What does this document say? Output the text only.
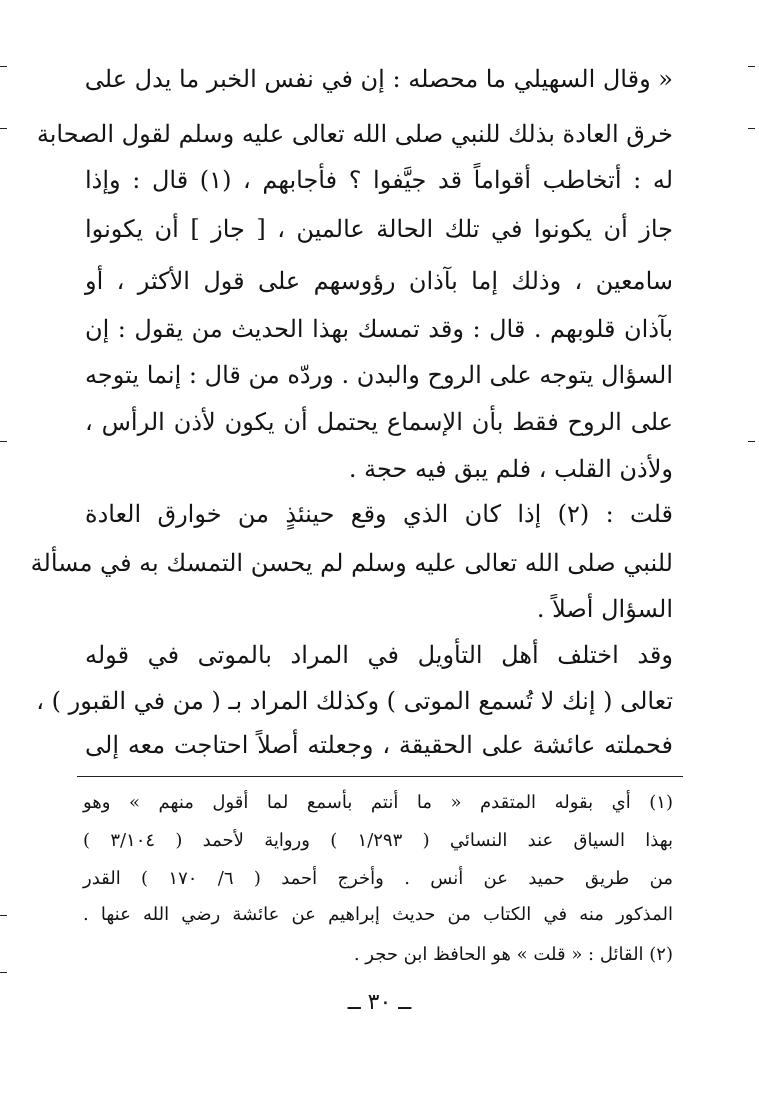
« وقال السهيلي ما محصله : إن في نفس الخبر ما يدل على
خرق العادة بذلك للنبي صلى الله تعالى عليه وسلم لقول الصحابة
له : أتخاطب أقواماً قد جيَّفوا ؟ فأجابهم ، (١) قال : وإذا
جاز أن يكونوا في تلك الحالة عالمين ، [ جاز ] أن يكونوا
سامعين ، وذلك إما بآذان رؤوسهم على قول الأكثر ، أو
بآذان قلوبهم . قال : وقد تمسك بهذا الحديث من يقول : إن
السؤال يتوجه على الروح والبدن . وردّه من قال : إنما يتوجه
على الروح فقط بأن الإسماع يحتمل أن يكون لأذن الرأس ،
ولأذن القلب ، فلم يبق فيه حجة .
قلت : (٢) إذا كان الذي وقع حينئذٍ من خوارق العادة
للنبي صلى الله تعالى عليه وسلم لم يحسن التمسك به في مسألة
السؤال أصلاً .
وقد اختلف أهل التأويل في المراد بالموتى في قوله
تعالى ( إنك لا تُسمع الموتى ) وكذلك المراد بـ ( من في القبور ) ،
فحملته عائشة على الحقيقة ، وجعلته أصلاً احتاجت معه إلى
(١) أي بقوله المتقدم « ما أنتم بأسمع لما أقول منهم » وهو
بهذا السياق عند النسائي ( ١/٢٩٣ ) ورواية لأحمد ( ٣/١٠٤ )
من طريق حميد عن أنس . وأخرج أحمد ( ٦/ ١٧٠ ) القدر
المذكور منه في الكتاب من حديث إبراهيم عن عائشة رضي الله عنها .
(٢) القائل : « قلت » هو الحافظ ابن حجر .
ــ ٣٠ ــ
